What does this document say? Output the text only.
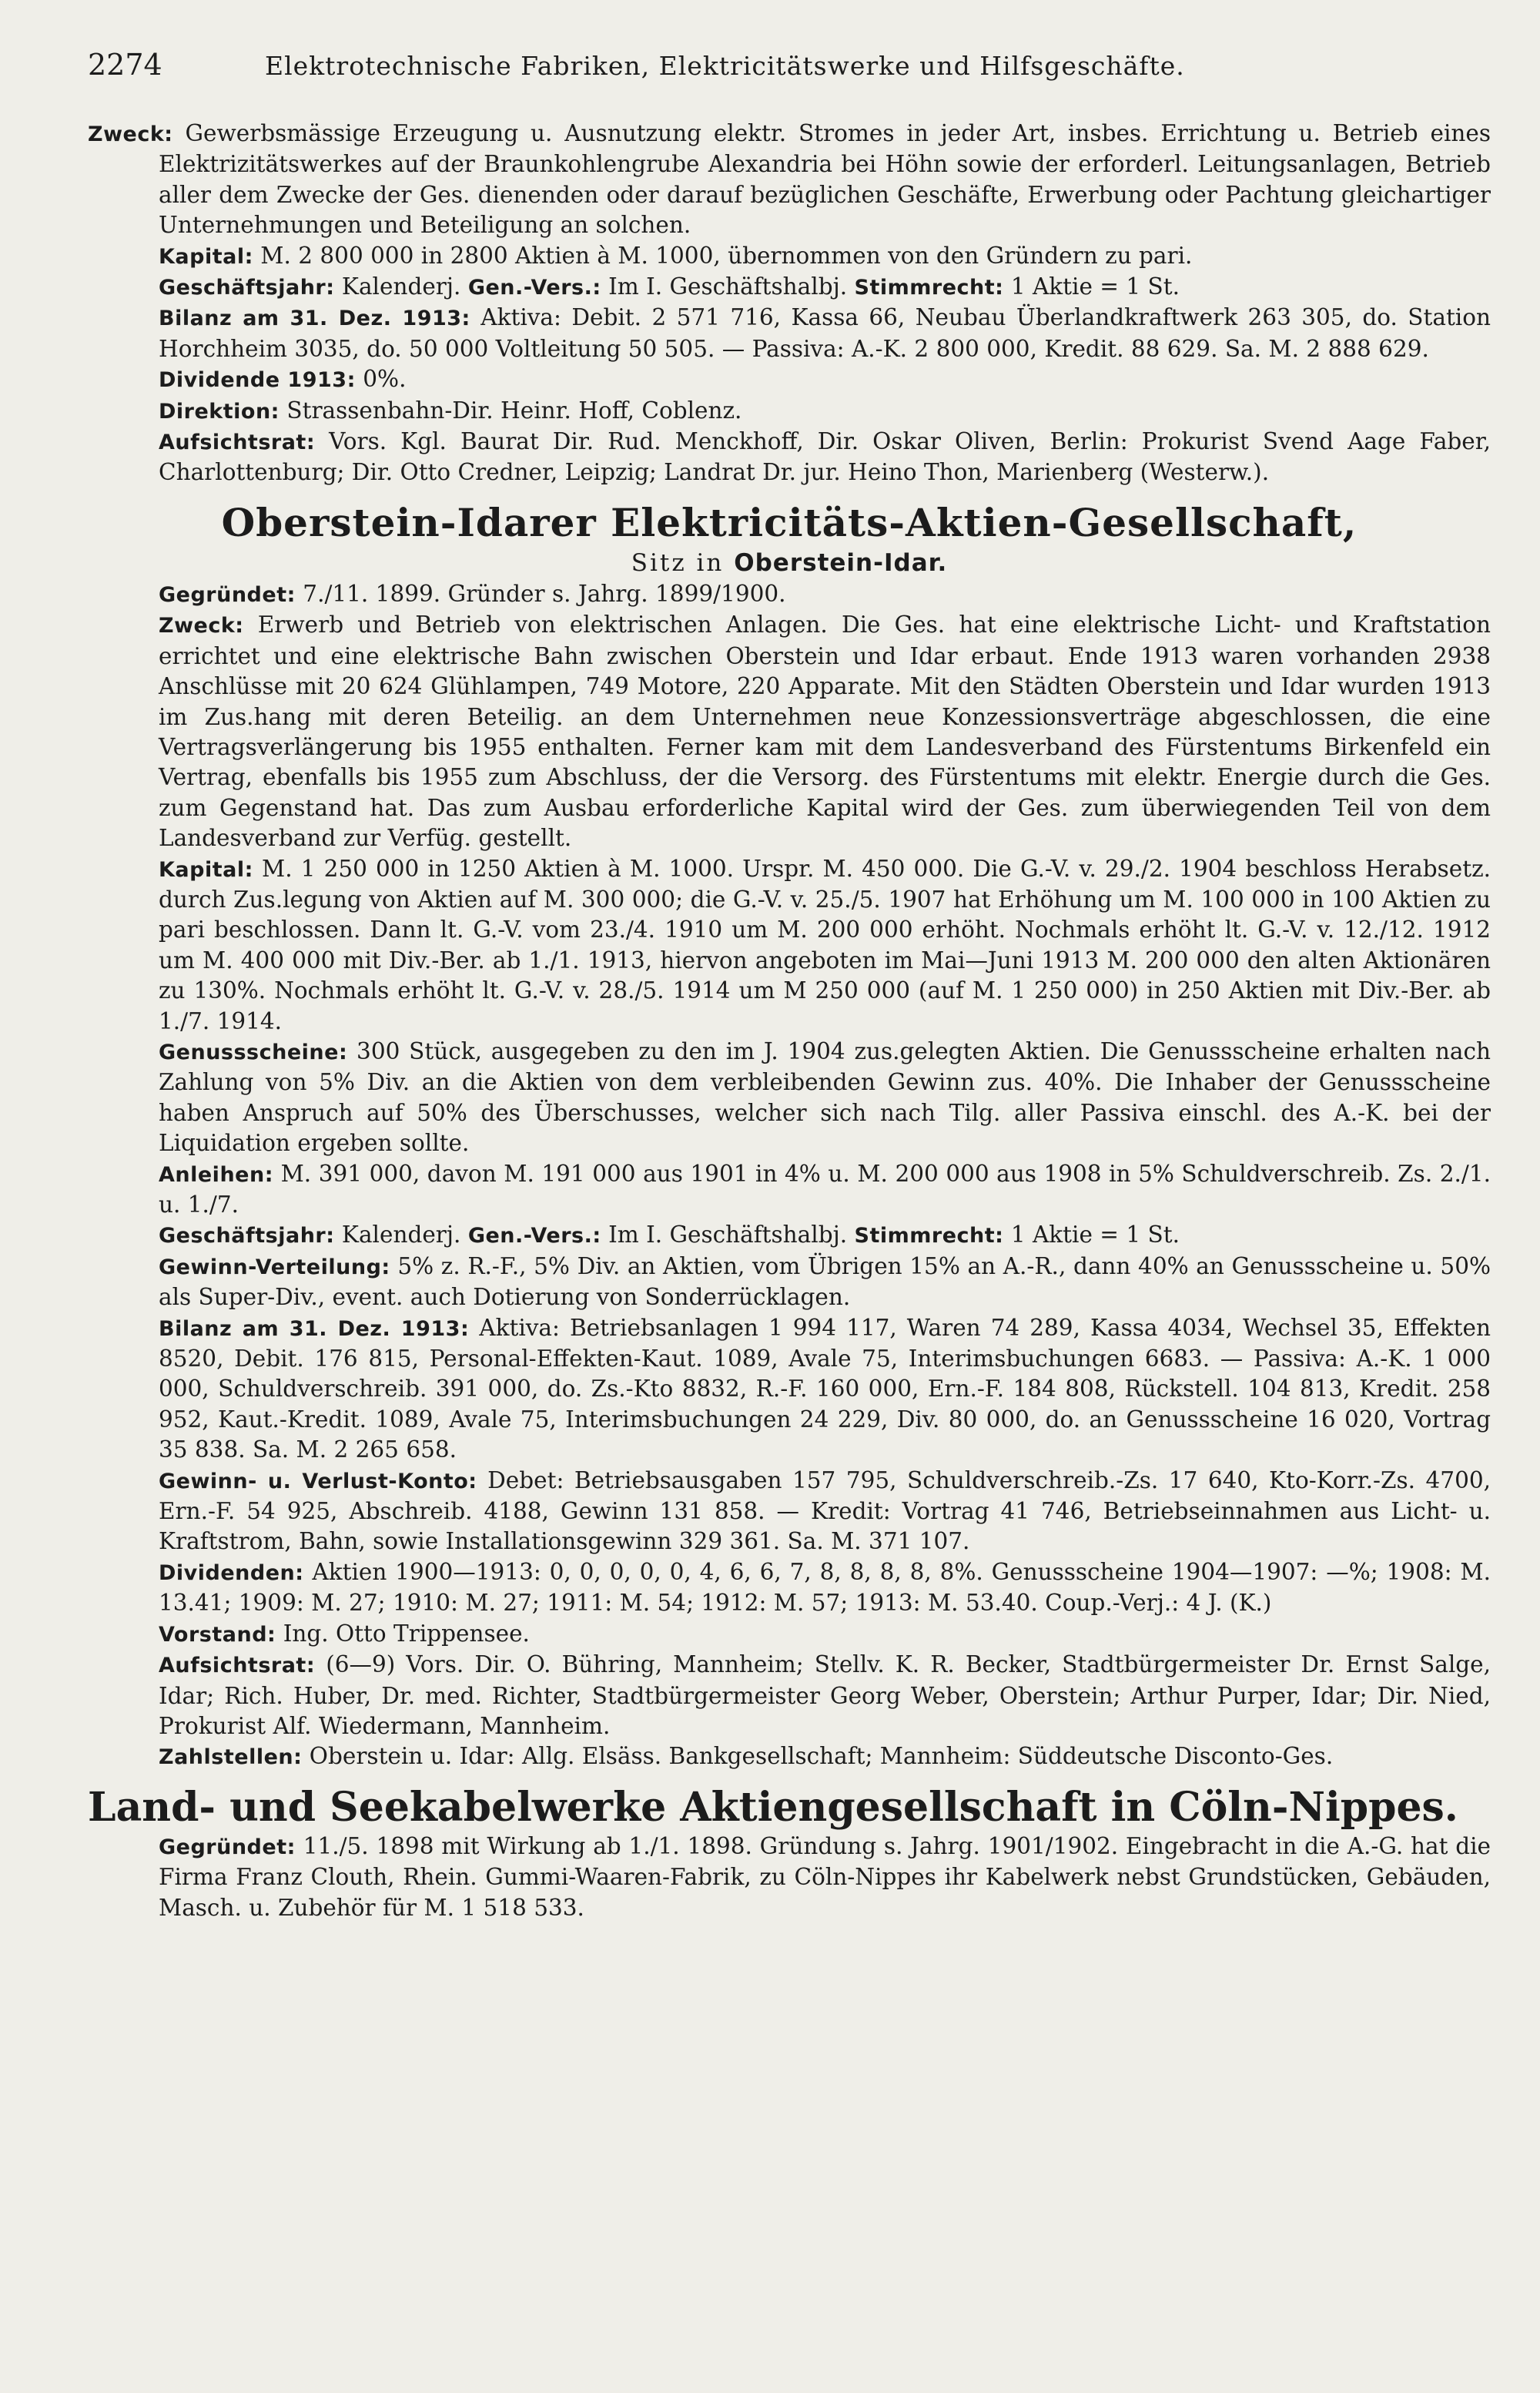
2274	Elektrotechnische Fabriken, Elektricitätswerke und Hilfsgeschäfte.

Zweck: Gewerbsmässige Erzeugung u. Ausnutzung elektr. Stromes in jeder Art, insbes. Errichtung u. Betrieb eines Elektrizitätswerkes auf der Braunkohlengrube Alexandria bei Höhn sowie der erforderl. Leitungsanlagen, Betrieb aller dem Zwecke der Ges. dienenden oder darauf bezüglichen Geschäfte, Erwerbung oder Pachtung gleichartiger Unternehmungen und Beteiligung an solchen.

Kapital: M. 2 800 000 in 2800 Aktien à M. 1000, übernommen von den Gründern zu pari.

Geschäftsjahr: Kalenderj. Gen.-Vers.: Im I. Geschäftshalbj. Stimmrecht: 1 Aktie = 1 St.

Bilanz am 31. Dez. 1913: Aktiva: Debit. 2 571 716, Kassa 66, Neubau Überlandkraftwerk 263 305, do. Station Horchheim 3035, do. 50 000 Voltleitung 50 505. — Passiva: A.-K. 2 800 000, Kredit. 88 629. Sa. M. 2 888 629.

Dividende 1913: 0%.

Direktion: Strassenbahn-Dir. Heinr. Hoff, Coblenz.

Aufsichtsrat: Vors. Kgl. Baurat Dir. Rud. Menckhoff, Dir. Oskar Oliven, Berlin: Prokurist Svend Aage Faber, Charlottenburg; Dir. Otto Credner, Leipzig; Landrat Dr. jur. Heino Thon, Marienberg (Westerw.).

Oberstein-Idarer Elektricitäts-Aktien-Gesellschaft,
Sitz in Oberstein-Idar.

Gegründet: 7./11. 1899. Gründer s. Jahrg. 1899/1900.

Zweck: Erwerb und Betrieb von elektrischen Anlagen. Die Ges. hat eine elektrische Licht- und Kraftstation errichtet und eine elektrische Bahn zwischen Oberstein und Idar erbaut. Ende 1913 waren vorhanden 2938 Anschlüsse mit 20 624 Glühlampen, 749 Motore, 220 Apparate. Mit den Städten Oberstein und Idar wurden 1913 im Zus.hang mit deren Beteilig. an dem Unternehmen neue Konzessionsverträge abgeschlossen, die eine Vertragsverlängerung bis 1955 enthalten. Ferner kam mit dem Landesverband des Fürstentums Birkenfeld ein Vertrag, ebenfalls bis 1955 zum Abschluss, der die Versorg. des Fürstentums mit elektr. Energie durch die Ges. zum Gegenstand hat. Das zum Ausbau erforderliche Kapital wird der Ges. zum überwiegenden Teil von dem Landesverband zur Verfüg. gestellt.

Kapital: M. 1 250 000 in 1250 Aktien à M. 1000. Urspr. M. 450 000. Die G.-V. v. 29./2. 1904 beschloss Herabsetz. durch Zus.legung von Aktien auf M. 300 000; die G.-V. v. 25./5. 1907 hat Erhöhung um M. 100 000 in 100 Aktien zu pari beschlossen. Dann lt. G.-V. vom 23./4. 1910 um M. 200 000 erhöht. Nochmals erhöht lt. G.-V. v. 12./12. 1912 um M. 400 000 mit Div.-Ber. ab 1./1. 1913, hiervon angeboten im Mai—Juni 1913 M. 200 000 den alten Aktionären zu 130%. Nochmals erhöht lt. G.-V. v. 28./5. 1914 um M 250 000 (auf M. 1 250 000) in 250 Aktien mit Div.-Ber. ab 1./7. 1914.

Genussscheine: 300 Stück, ausgegeben zu den im J. 1904 zus.gelegten Aktien. Die Genussscheine erhalten nach Zahlung von 5% Div. an die Aktien von dem verbleibenden Gewinn zus. 40%. Die Inhaber der Genussscheine haben Anspruch auf 50% des Überschusses, welcher sich nach Tilg. aller Passiva einschl. des A.-K. bei der Liquidation ergeben sollte.

Anleihen: M. 391 000, davon M. 191 000 aus 1901 in 4% u. M. 200 000 aus 1908 in 5% Schuldverschreib. Zs. 2./1. u. 1./7.

Geschäftsjahr: Kalenderj. Gen.-Vers.: Im I. Geschäftshalbj. Stimmrecht: 1 Aktie = 1 St.

Gewinn-Verteilung: 5% z. R.-F., 5% Div. an Aktien, vom Übrigen 15% an A.-R., dann 40% an Genussscheine u. 50% als Super-Div., event. auch Dotierung von Sonderrücklagen.

Bilanz am 31. Dez. 1913: Aktiva: Betriebsanlagen 1 994 117, Waren 74 289, Kassa 4034, Wechsel 35, Effekten 8520, Debit. 176 815, Personal-Effekten-Kaut. 1089, Avale 75, Interimsbuchungen 6683. — Passiva: A.-K. 1 000 000, Schuldverschreib. 391 000, do. Zs.-Kto 8832, R.-F. 160 000, Ern.-F. 184 808, Rückstell. 104 813, Kredit. 258 952, Kaut.-Kredit. 1089, Avale 75, Interimsbuchungen 24 229, Div. 80 000, do. an Genussscheine 16 020, Vortrag 35 838. Sa. M. 2 265 658.

Gewinn- u. Verlust-Konto: Debet: Betriebsausgaben 157 795, Schuldverschreib.-Zs. 17 640, Kto-Korr.-Zs. 4700, Ern.-F. 54 925, Abschreib. 4188, Gewinn 131 858. — Kredit: Vortrag 41 746, Betriebseinnahmen aus Licht- u. Kraftstrom, Bahn, sowie Installationsgewinn 329 361. Sa. M. 371 107.

Dividenden: Aktien 1900—1913: 0, 0, 0, 0, 0, 4, 6, 6, 7, 8, 8, 8, 8, 8%. Genussscheine 1904—1907: —%; 1908: M. 13.41; 1909: M. 27; 1910: M. 27; 1911: M. 54; 1912: M. 57; 1913: M. 53.40. Coup.-Verj.: 4 J. (K.)

Vorstand: Ing. Otto Trippensee.

Aufsichtsrat: (6—9) Vors. Dir. O. Bühring, Mannheim; Stellv. K. R. Becker, Stadtbürgermeister Dr. Ernst Salge, Idar; Rich. Huber, Dr. med. Richter, Stadtbürgermeister Georg Weber, Oberstein; Arthur Purper, Idar; Dir. Nied, Prokurist Alf. Wiedermann, Mannheim.

Zahlstellen: Oberstein u. Idar: Allg. Elsäss. Bankgesellschaft; Mannheim: Süddeutsche Disconto-Ges.

Land- und Seekabelwerke Aktiengesellschaft in Cöln-Nippes.

Gegründet: 11./5. 1898 mit Wirkung ab 1./1. 1898. Gründung s. Jahrg. 1901/1902. Eingebracht in die A.-G. hat die Firma Franz Clouth, Rhein. Gummi-Waaren-Fabrik, zu Cöln-Nippes ihr Kabelwerk nebst Grundstücken, Gebäuden, Masch. u. Zubehör für M. 1 518 533.
